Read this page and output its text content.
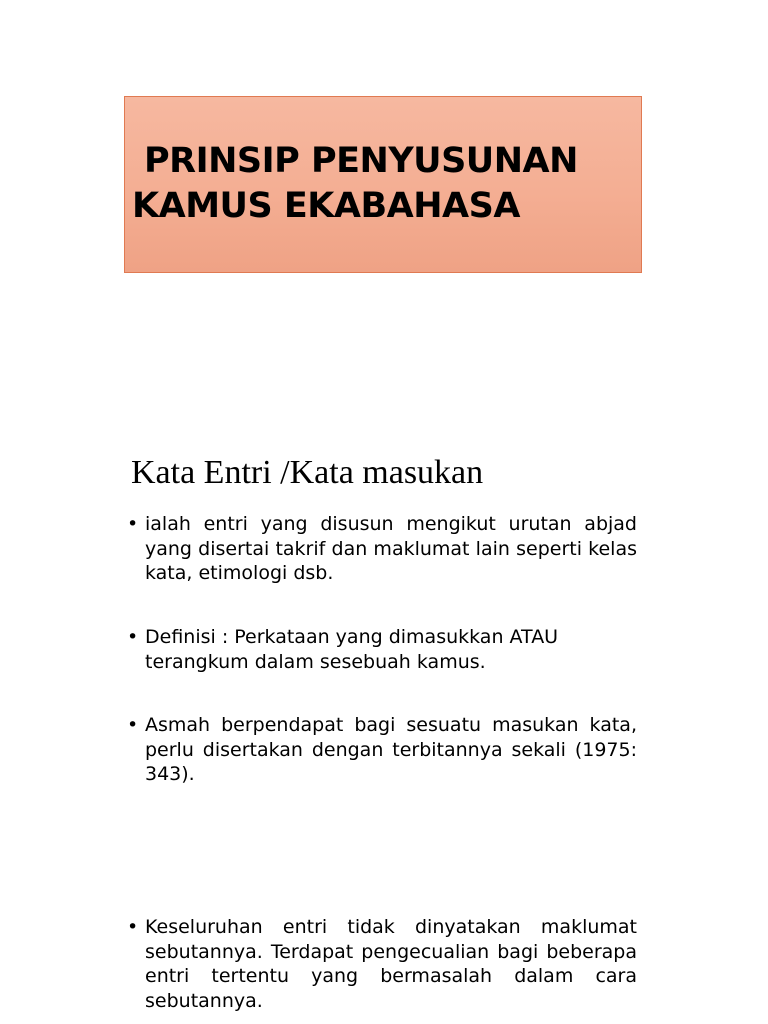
PRINSIP PENYUSUNAN
KAMUS EKABAHASA
Kata Entri /Kata masukan
• ialah entri yang disusun mengikut urutan abjad yang disertai takrif dan maklumat lain seperti kelas kata, etimologi dsb.
• Definisi : Perkataan yang dimasukkan ATAU terangkum dalam sesebuah kamus.
• Asmah berpendapat bagi sesuatu masukan kata, perlu disertakan dengan terbitannya sekali (1975: 343).
• Keseluruhan entri tidak dinyatakan maklumat sebutannya. Terdapat pengecualian bagi beberapa entri tertentu yang bermasalah dalam cara sebutannya.
